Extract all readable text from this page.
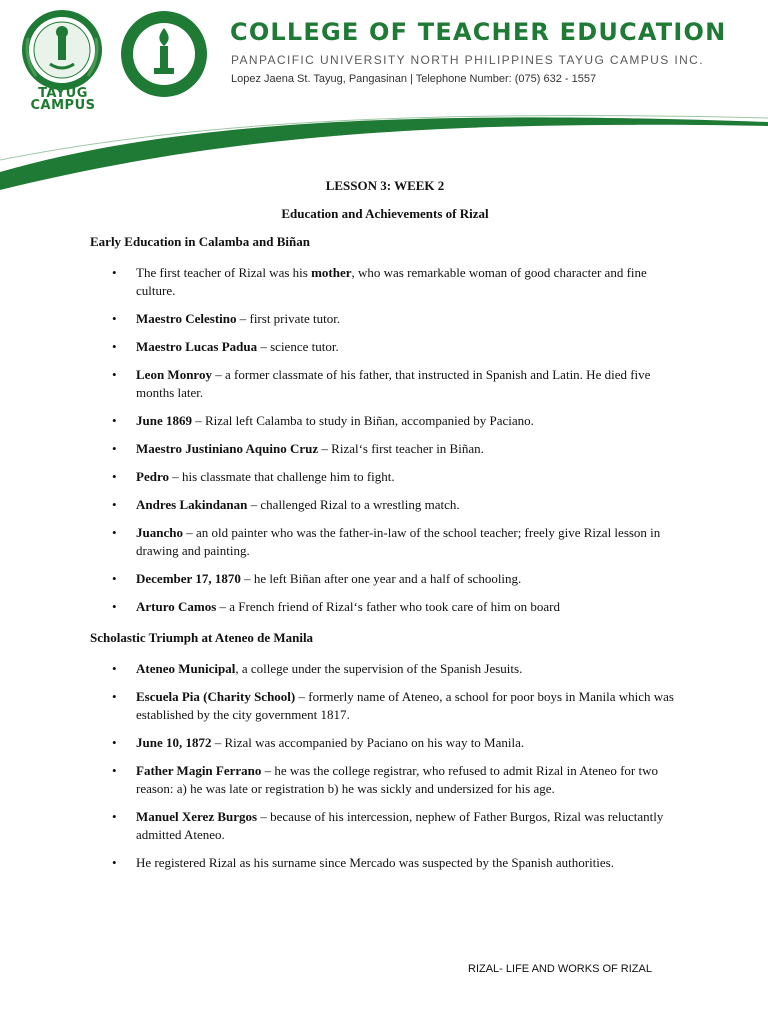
TAYUG CAMPUS
COLLEGE OF TEACHER EDUCATION
PANPACIFIC UNIVERSITY NORTH PHILIPPINES TAYUG CAMPUS INC.
Lopez Jaena St. Tayug, Pangasinan | Telephone Number: (075) 632 - 1557

LESSON 3: WEEK 2

Education and Achievements of Rizal

Early Education in Calamba and Biñan

• The first teacher of Rizal was his mother, who was remarkable woman of good character and fine culture.
• Maestro Celestino – first private tutor.
• Maestro Lucas Padua – science tutor.
• Leon Monroy – a former classmate of his father, that instructed in Spanish and Latin. He died five months later.
• June 1869 – Rizal left Calamba to study in Biñan, accompanied by Paciano.
• Maestro Justiniano Aquino Cruz – Rizal‘s first teacher in Biñan.
• Pedro – his classmate that challenge him to fight.
• Andres Lakindanan – challenged Rizal to a wrestling match.
• Juancho – an old painter who was the father-in-law of the school teacher; freely give Rizal lesson in drawing and painting.
• December 17, 1870 – he left Biñan after one year and a half of schooling.
• Arturo Camos – a French friend of Rizal‘s father who took care of him on board

Scholastic Triumph at Ateneo de Manila

• Ateneo Municipal, a college under the supervision of the Spanish Jesuits.
• Escuela Pia (Charity School) – formerly name of Ateneo, a school for poor boys in Manila which was established by the city government 1817.
• June 10, 1872 – Rizal was accompanied by Paciano on his way to Manila.
• Father Magin Ferrano – he was the college registrar, who refused to admit Rizal in Ateneo for two reason: a) he was late or registration b) he was sickly and undersized for his age.
• Manuel Xerez Burgos – because of his intercession, nephew of Father Burgos, Rizal was reluctantly admitted Ateneo.
• He registered Rizal as his surname since Mercado was suspected by the Spanish authorities.
RIZAL- LIFE AND WORKS OF RIZAL
